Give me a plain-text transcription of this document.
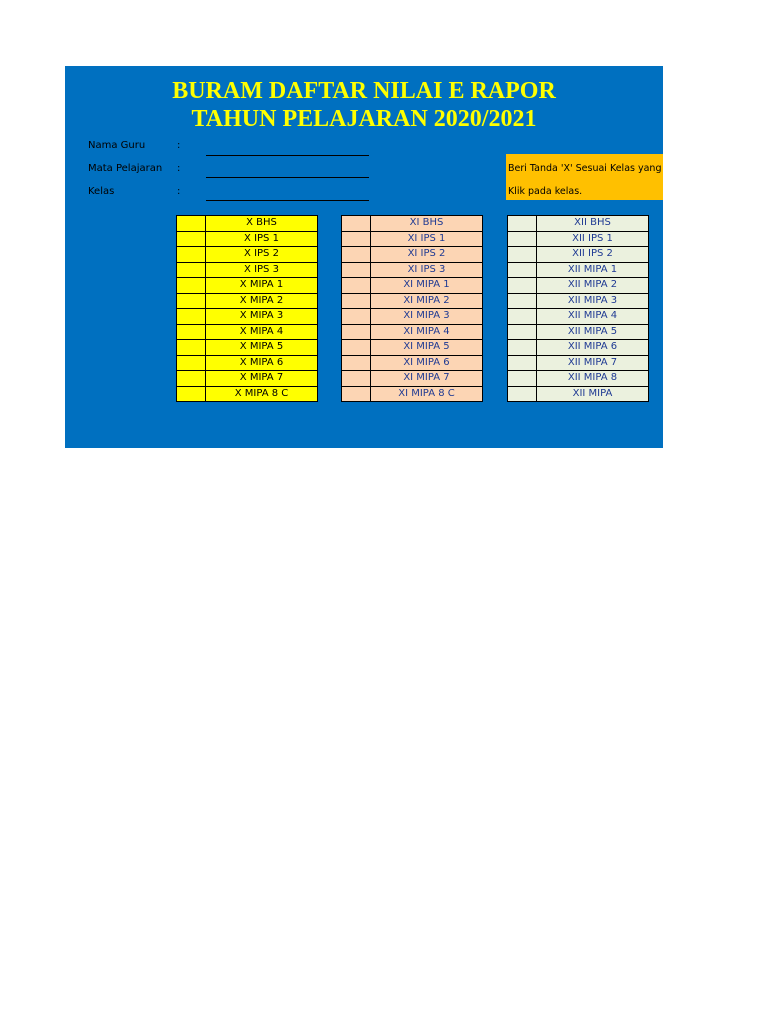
BURAM DAFTAR NILAI E RAPOR
TAHUN PELAJARAN 2020/2021
Nama Guru	:
Mata Pelajaran :
Kelas	:
Beri Tanda 'X' Sesuai Kelas yang
Klik pada kelas.
	X BHS
	X IPS 1
	X IPS 2
	X IPS 3
	X MIPA 1
	X MIPA 2
	X MIPA 3
	X MIPA 4
	X MIPA 5
	X MIPA 6
	X MIPA 7
	X MIPA 8 C
	XI BHS
	XI IPS 1
	XI IPS 2
	XI IPS 3
	XI MIPA 1
	XI MIPA 2
	XI MIPA 3
	XI MIPA 4
	XI MIPA 5
	XI MIPA 6
	XI MIPA 7
	XI MIPA 8 C
	XII BHS
	XII IPS 1
	XII IPS 2
	XII MIPA 1
	XII MIPA 2
	XII MIPA 3
	XII MIPA 4
	XII MIPA 5
	XII MIPA 6
	XII MIPA 7
	XII MIPA 8
	XII MIPA
